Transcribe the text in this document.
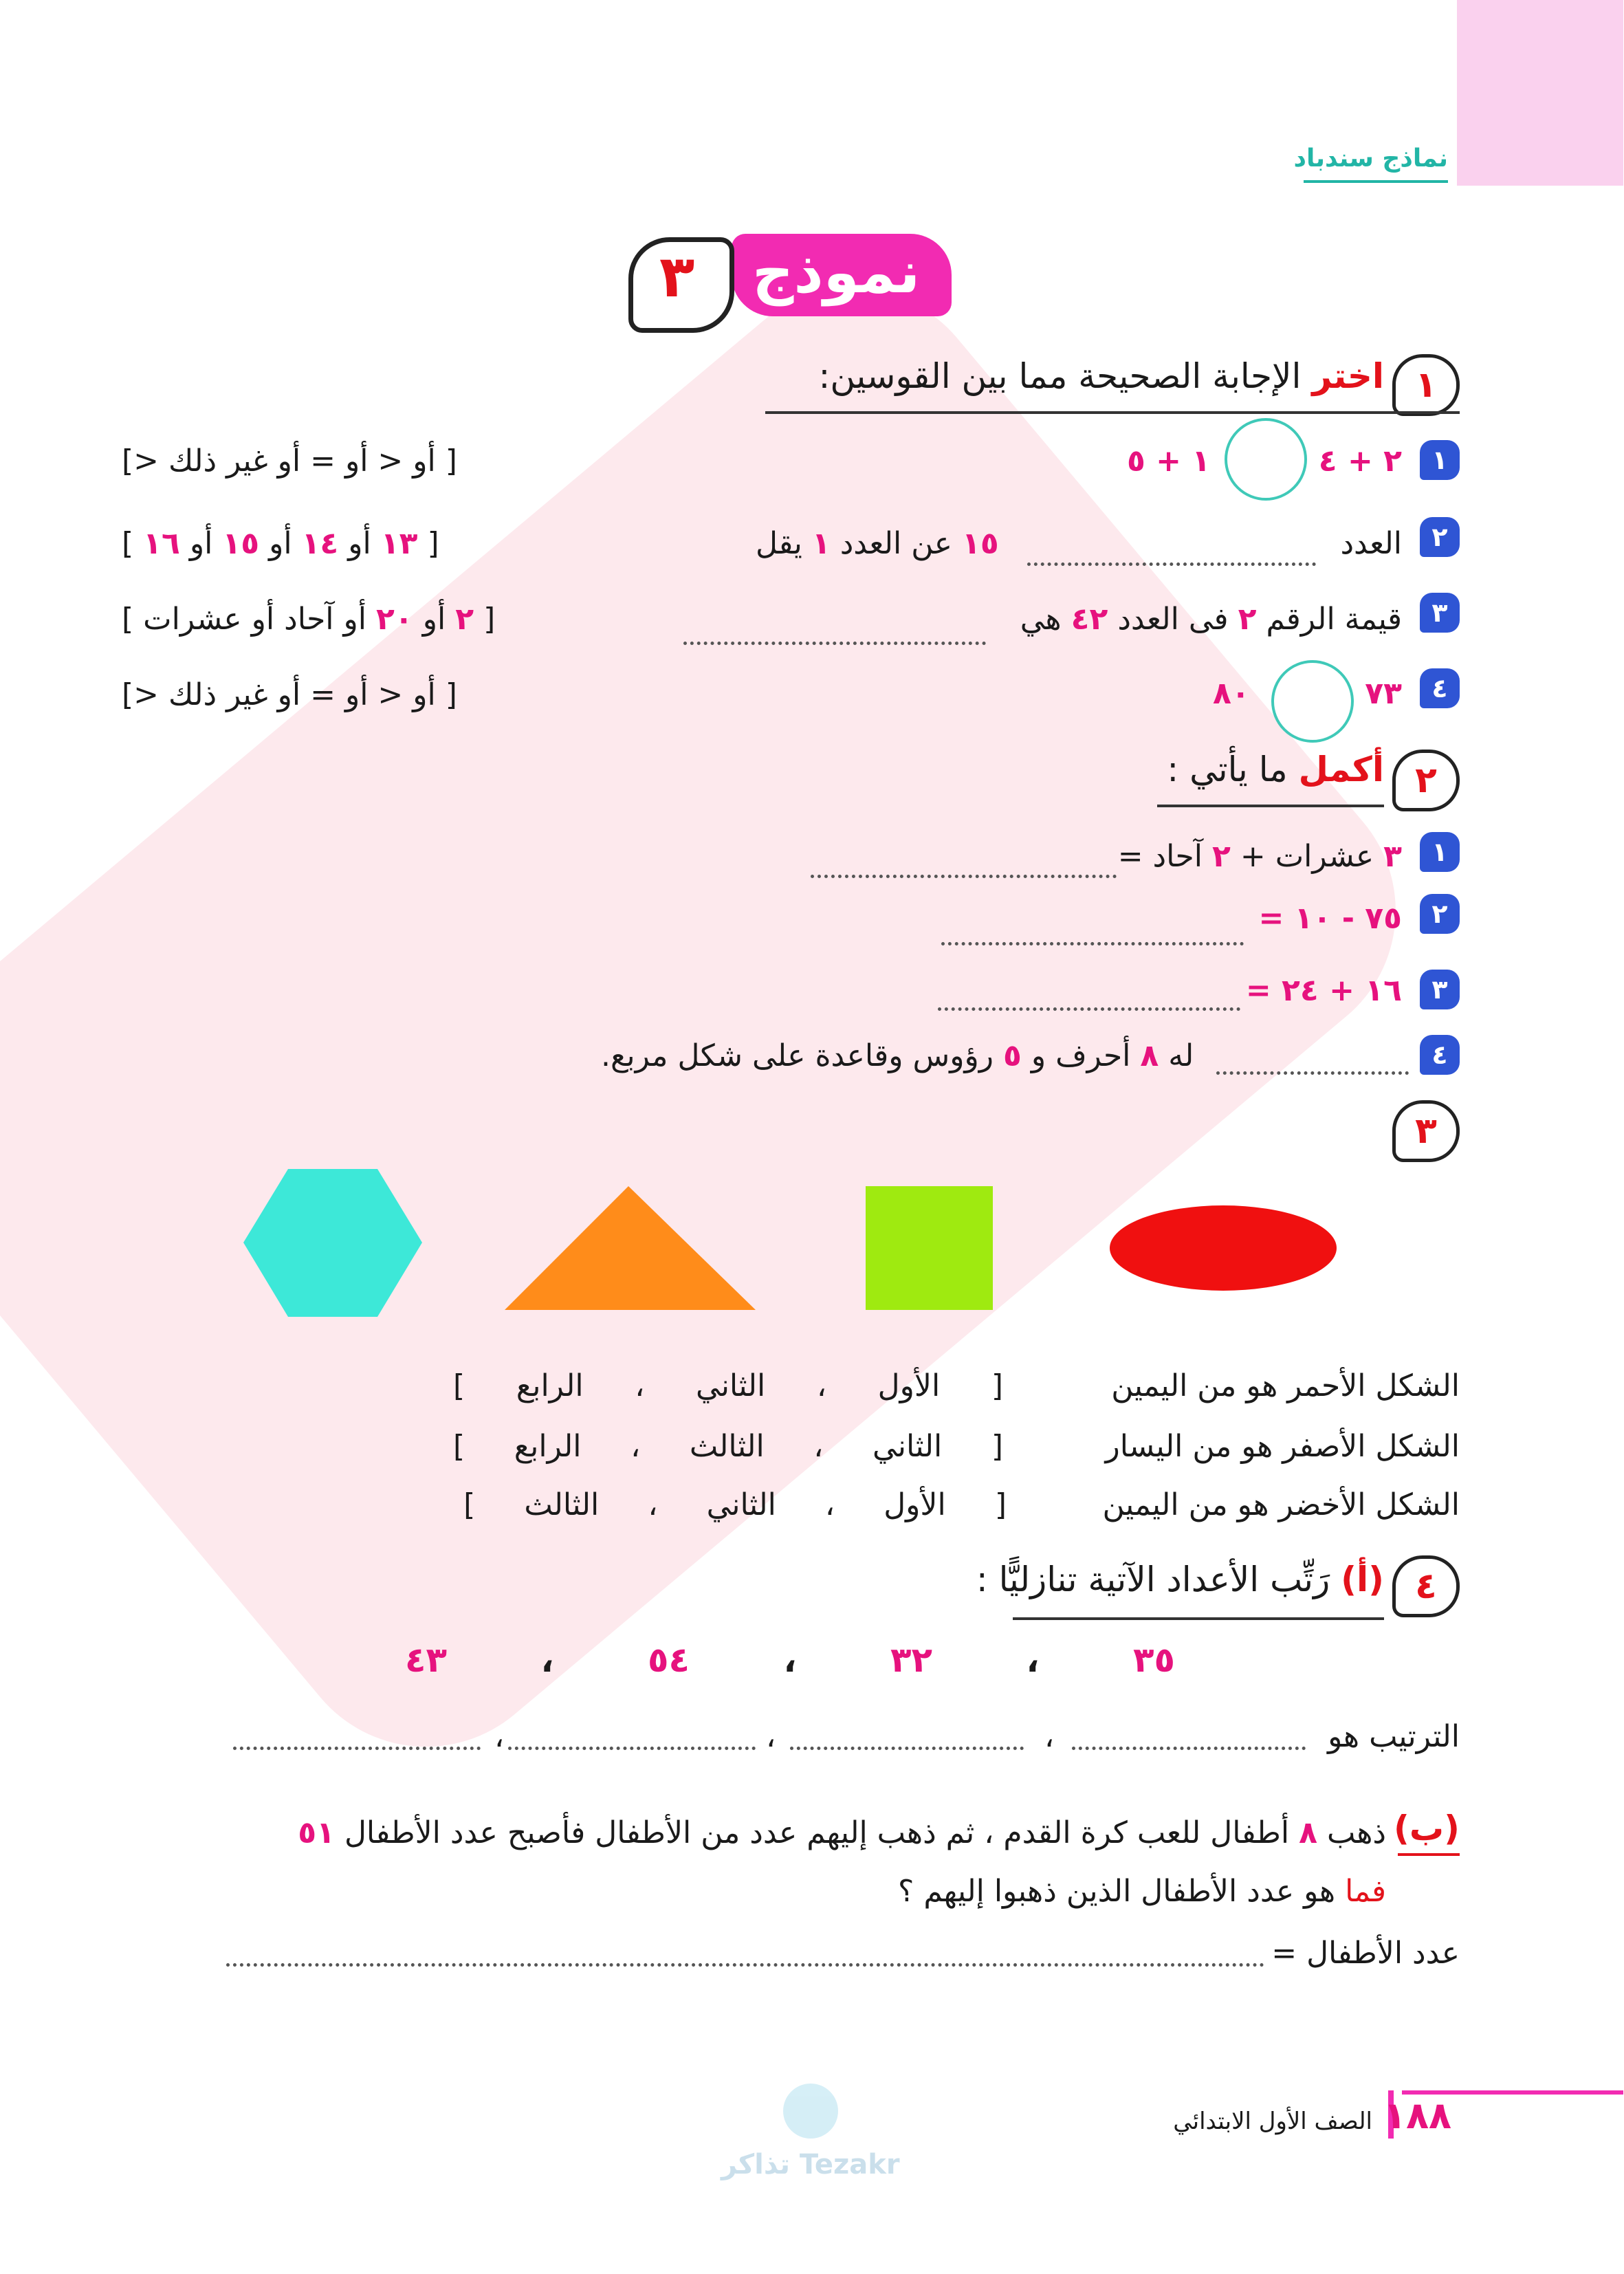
نماذج سندباد
نموذج
٣
١
اختر الإجابة الصحيحة مما بين القوسين:
١
٢ + ٤
١ + ٥
[> أو < أو = أو غير ذلك ]
٢
العدد
١٥ عن العدد ١ يقل
[ ١٣ أو ١٤ أو ١٥ أو ١٦ ]
٣
قيمة الرقم ٢ فى العدد ٤٢ هي
[ ٢ أو ٢٠ أو آحاد أو عشرات ]
٤
٧٣
٨٠
[> أو < أو = أو غير ذلك ]
٢
أكمل ما يأتي :
١
٣ عشرات + ٢ آحاد =
٢
٧٥ - ١٠ =
٣
١٦ + ٢٤ =
٤
له ٨ أحرف و ٥ رؤوس وقاعدة على شكل مربع.
٣
الشكل الأحمر هو من اليمين
[
الأول
،
الثاني
،
الرابع
]
الشكل الأصفر هو من اليسار
[
الثاني
،
الثالث
،
الرابع
]
الشكل الأخضر هو من اليمين
[
الأول
،
الثاني
،
الثالث
]
٤
(أ) رَتِّب الأعداد الآتية تنازليًّا :
٣٥
،
٣٢
،
٥٤
،
٤٣
الترتيب هو
،
،
،
(ب)
ذهب ٨ أطفال للعب كرة القدم ، ثم ذهب إليهم عدد من الأطفال فأصبح عدد الأطفال ٥١
فما هو عدد الأطفال الذين ذهبوا إليهم ؟
عدد الأطفال =
١٨٨
الصف الأول الابتدائي
تذاكر Tezakr
